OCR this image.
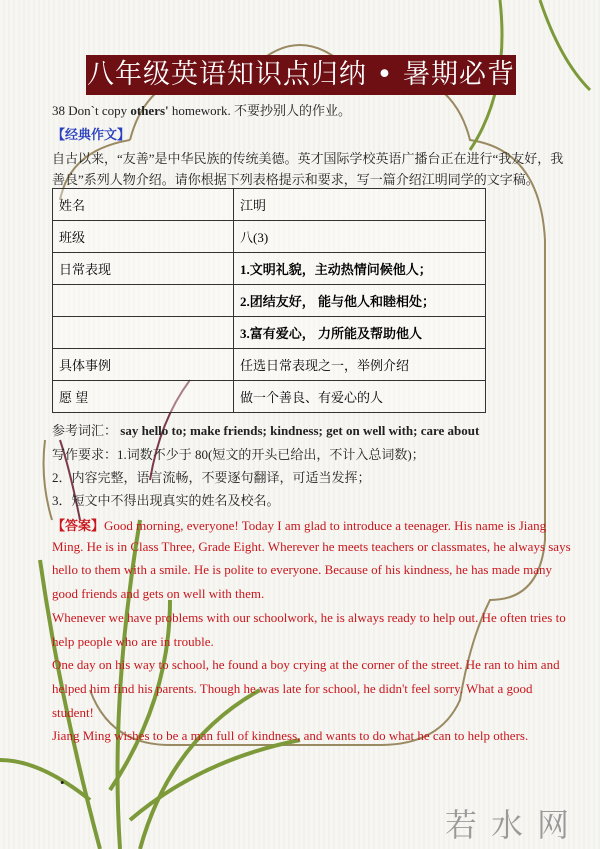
八年级英语知识点归纳 • 暑期必背
38 Don`t copy others' homework. 不要抄别人的作业。
【经典作文】
自古以来，“友善”是中华民族的传统美德。英才国际学校英语广播台正在进行“我友好，我
善良”系列人物介绍。请你根据下列表格提示和要求，写一篇介绍江明同学的文字稿。
姓名	江明
班级	八(3)
日常表现	1.文明礼貌，主动热情问候他人；
	2.团结友好， 能与他人和睦相处；
	3.富有爱心， 力所能及帮助他人
具体事例	任选日常表现之一，举例介绍
愿 望	做一个善良、有爱心的人
参考词汇： say hello to; make friends; kindness; get on well with; care about
写作要求：1.词数不少于 80(短文的开头已给出，不计入总词数)；
2．内容完整，语言流畅，不要逐句翻译，可适当发挥；
3．短文中不得出现真实的姓名及校名。
【答案】Good morning, everyone! Today I am glad to introduce a teenager. His name is Jiang
Ming. He is in Class Three, Grade Eight. Wherever he meets teachers or classmates, he always says
hello to them with a smile. He is polite to everyone. Because of his kindness, he has made many
good friends and gets on well with them.
Whenever we have problems with our schoolwork, he is always ready to help out. He often tries to
help people who are in trouble.
One day on his way to school, he found a boy crying at the corner of the street. He ran to him and
helped him find his parents. Though he was late for school, he didn't feel sorry. What a good
student!
Jiang Ming wishes to be a man full of kindness, and wants to do what he can to help others.
•
若水网
